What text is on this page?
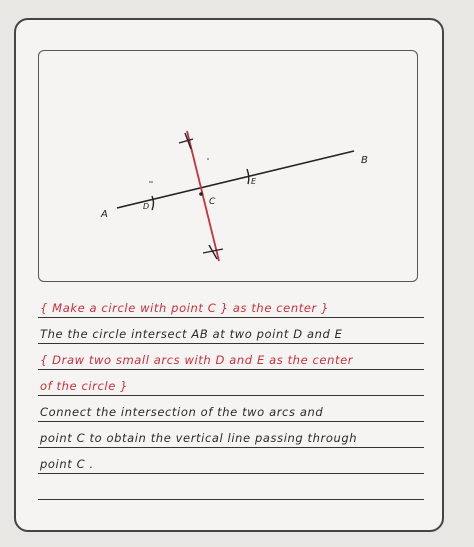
A
B
C
D
E
{ Make a circle with point C } as the center }
The the circle intersect AB at two point D and E
{ Draw two small arcs with D and E as the center
of the circle }
Connect the intersection of the two arcs and
point C to obtain the vertical line passing through
point C .
